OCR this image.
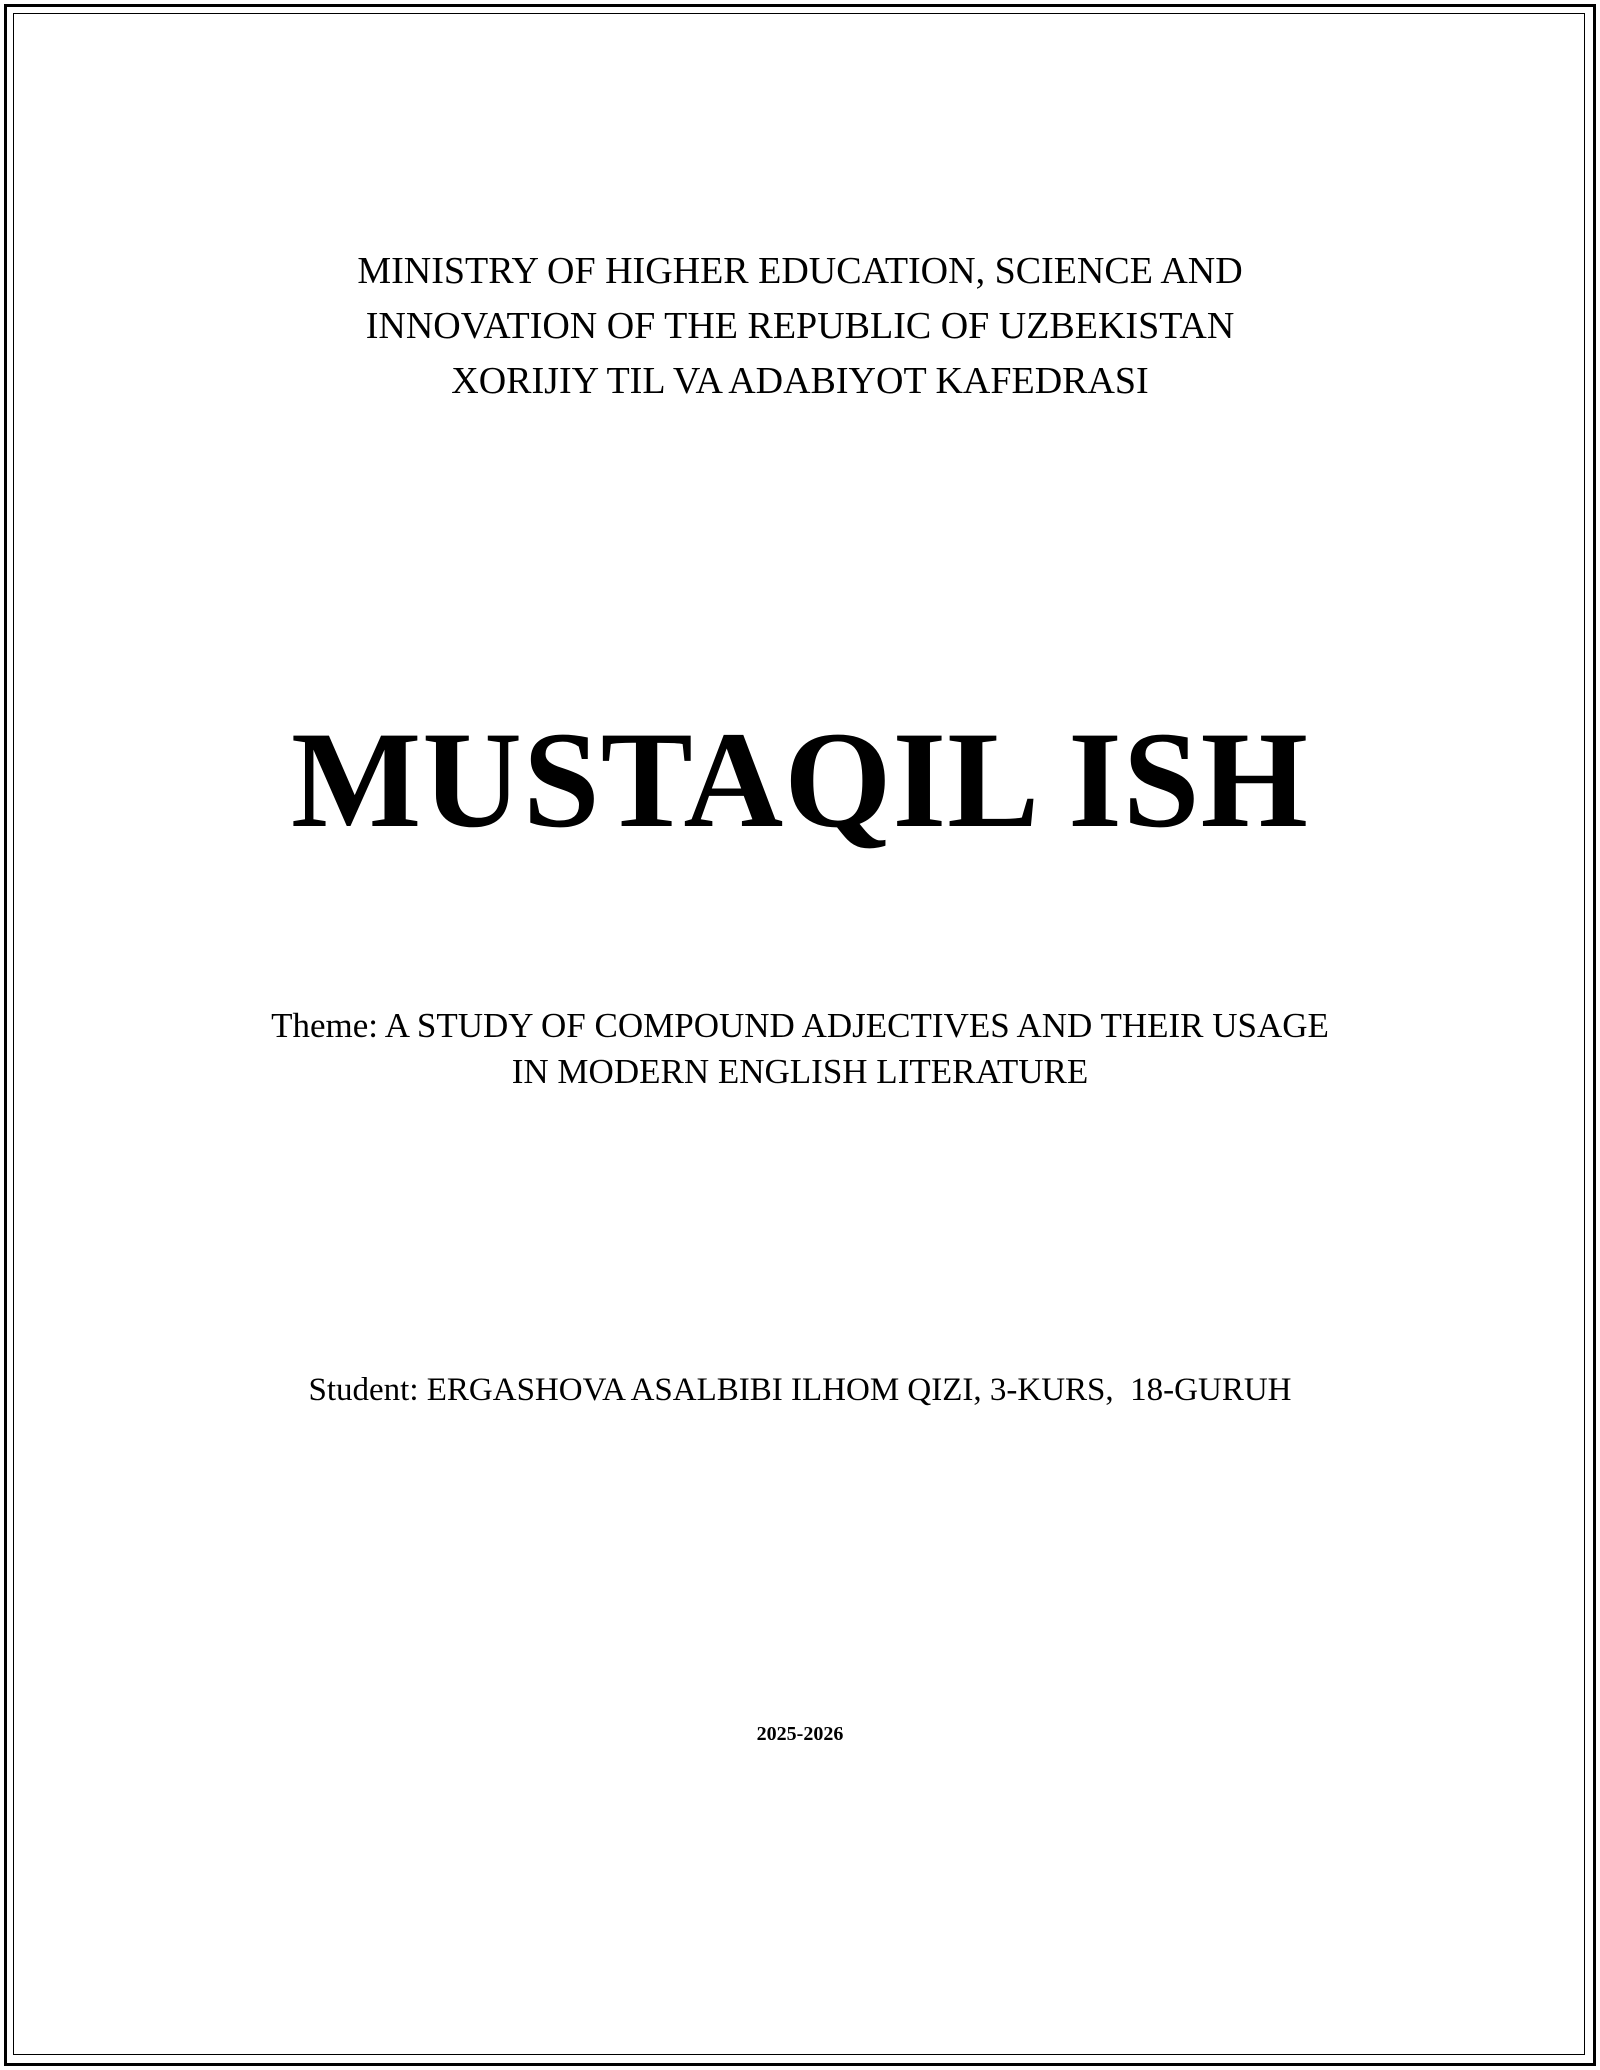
MINISTRY OF HIGHER EDUCATION, SCIENCE AND
INNOVATION OF THE REPUBLIC OF UZBEKISTAN
XORIJIY TIL VA ADABIYOT KAFEDRASI
MUSTAQIL ISH
Theme: A STUDY OF COMPOUND ADJECTIVES AND THEIR USAGE
IN MODERN ENGLISH LITERATURE
Student: ERGASHOVA ASALBIBI ILHOM QIZI, 3-KURS,  18-GURUH
2025-2026
